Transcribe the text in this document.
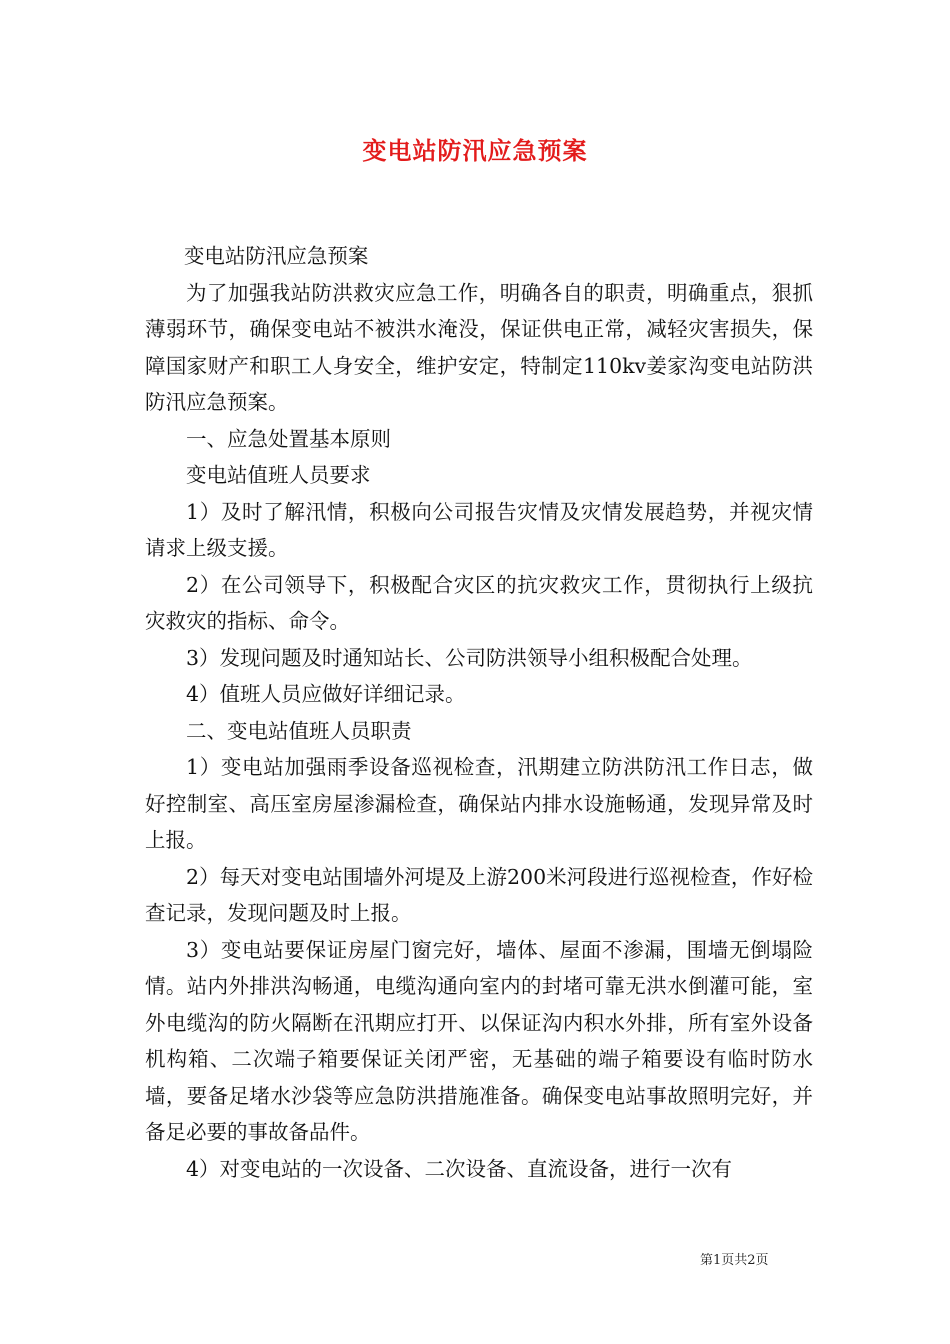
变电站防汛应急预案

变电站防汛应急预案

为了加强我站防洪救灾应急工作，明确各自的职责，明确重点，狠抓薄弱环节，确保变电站不被洪水淹没，保证供电正常，减轻灾害损失，保障国家财产和职工人身安全，维护安定，特制定110kv姜家沟变电站防洪防汛应急预案。

一、应急处置基本原则

变电站值班人员要求

1）及时了解汛情，积极向公司报告灾情及灾情发展趋势，并视灾情请求上级支援。

2）在公司领导下，积极配合灾区的抗灾救灾工作，贯彻执行上级抗灾救灾的指标、命令。

3）发现问题及时通知站长、公司防洪领导小组积极配合处理。

4）值班人员应做好详细记录。

二、变电站值班人员职责

1）变电站加强雨季设备巡视检查，汛期建立防洪防汛工作日志，做好控制室、高压室房屋渗漏检查，确保站内排水设施畅通，发现异常及时上报。

2）每天对变电站围墙外河堤及上游200米河段进行巡视检查，作好检查记录，发现问题及时上报。

3）变电站要保证房屋门窗完好，墙体、屋面不渗漏，围墙无倒塌险情。站内外排洪沟畅通，电缆沟通向室内的封堵可靠无洪水倒灌可能，室外电缆沟的防火隔断在汛期应打开、以保证沟内积水外排，所有室外设备机构箱、二次端子箱要保证关闭严密，无基础的端子箱要设有临时防水墙，要备足堵水沙袋等应急防洪措施准备。确保变电站事故照明完好，并备足必要的事故备品件。

4）对变电站的一次设备、二次设备、直流设备，进行一次有

第1页共2页
